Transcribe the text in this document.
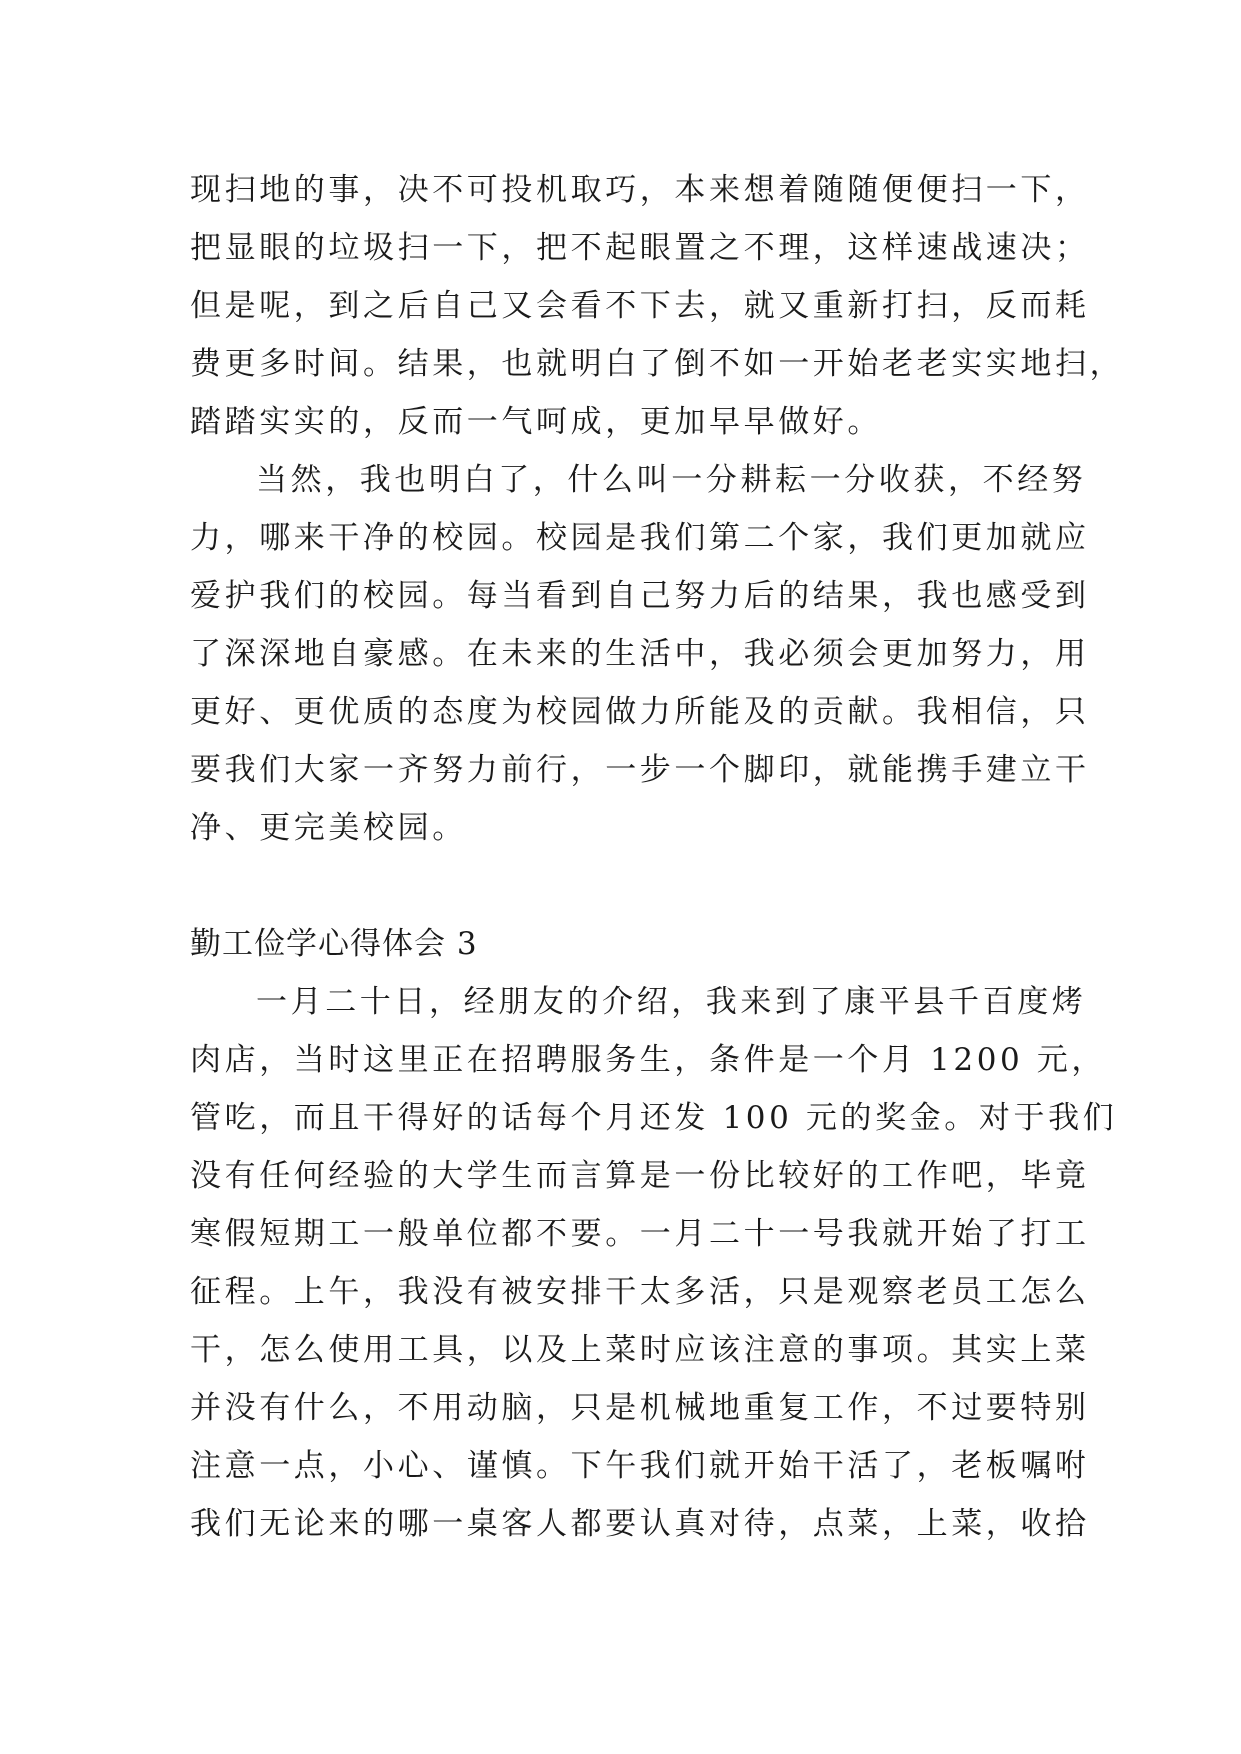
现扫地的事，决不可投机取巧，本来想着随随便便扫一下，
把显眼的垃圾扫一下，把不起眼置之不理，这样速战速决；
但是呢，到之后自己又会看不下去，就又重新打扫，反而耗
费更多时间。结果，也就明白了倒不如一开始老老实实地扫，
踏踏实实的，反而一气呵成，更加早早做好。
当然，我也明白了，什么叫一分耕耘一分收获，不经努
力，哪来干净的校园。校园是我们第二个家，我们更加就应
爱护我们的校园。每当看到自己努力后的结果，我也感受到
了深深地自豪感。在未来的生活中，我必须会更加努力，用
更好、更优质的态度为校园做力所能及的贡献。我相信，只
要我们大家一齐努力前行，一步一个脚印，就能携手建立干
净、更完美校园。
勤工俭学心得体会 3
一月二十日，经朋友的介绍，我来到了康平县千百度烤
肉店，当时这里正在招聘服务生，条件是一个月 1200 元，
管吃，而且干得好的话每个月还发 100 元的奖金。对于我们
没有任何经验的大学生而言算是一份比较好的工作吧，毕竟
寒假短期工一般单位都不要。一月二十一号我就开始了打工
征程。上午，我没有被安排干太多活，只是观察老员工怎么
干，怎么使用工具，以及上菜时应该注意的事项。其实上菜
并没有什么，不用动脑，只是机械地重复工作，不过要特别
注意一点，小心、谨慎。下午我们就开始干活了，老板嘱咐
我们无论来的哪一桌客人都要认真对待，点菜，上菜，收拾
